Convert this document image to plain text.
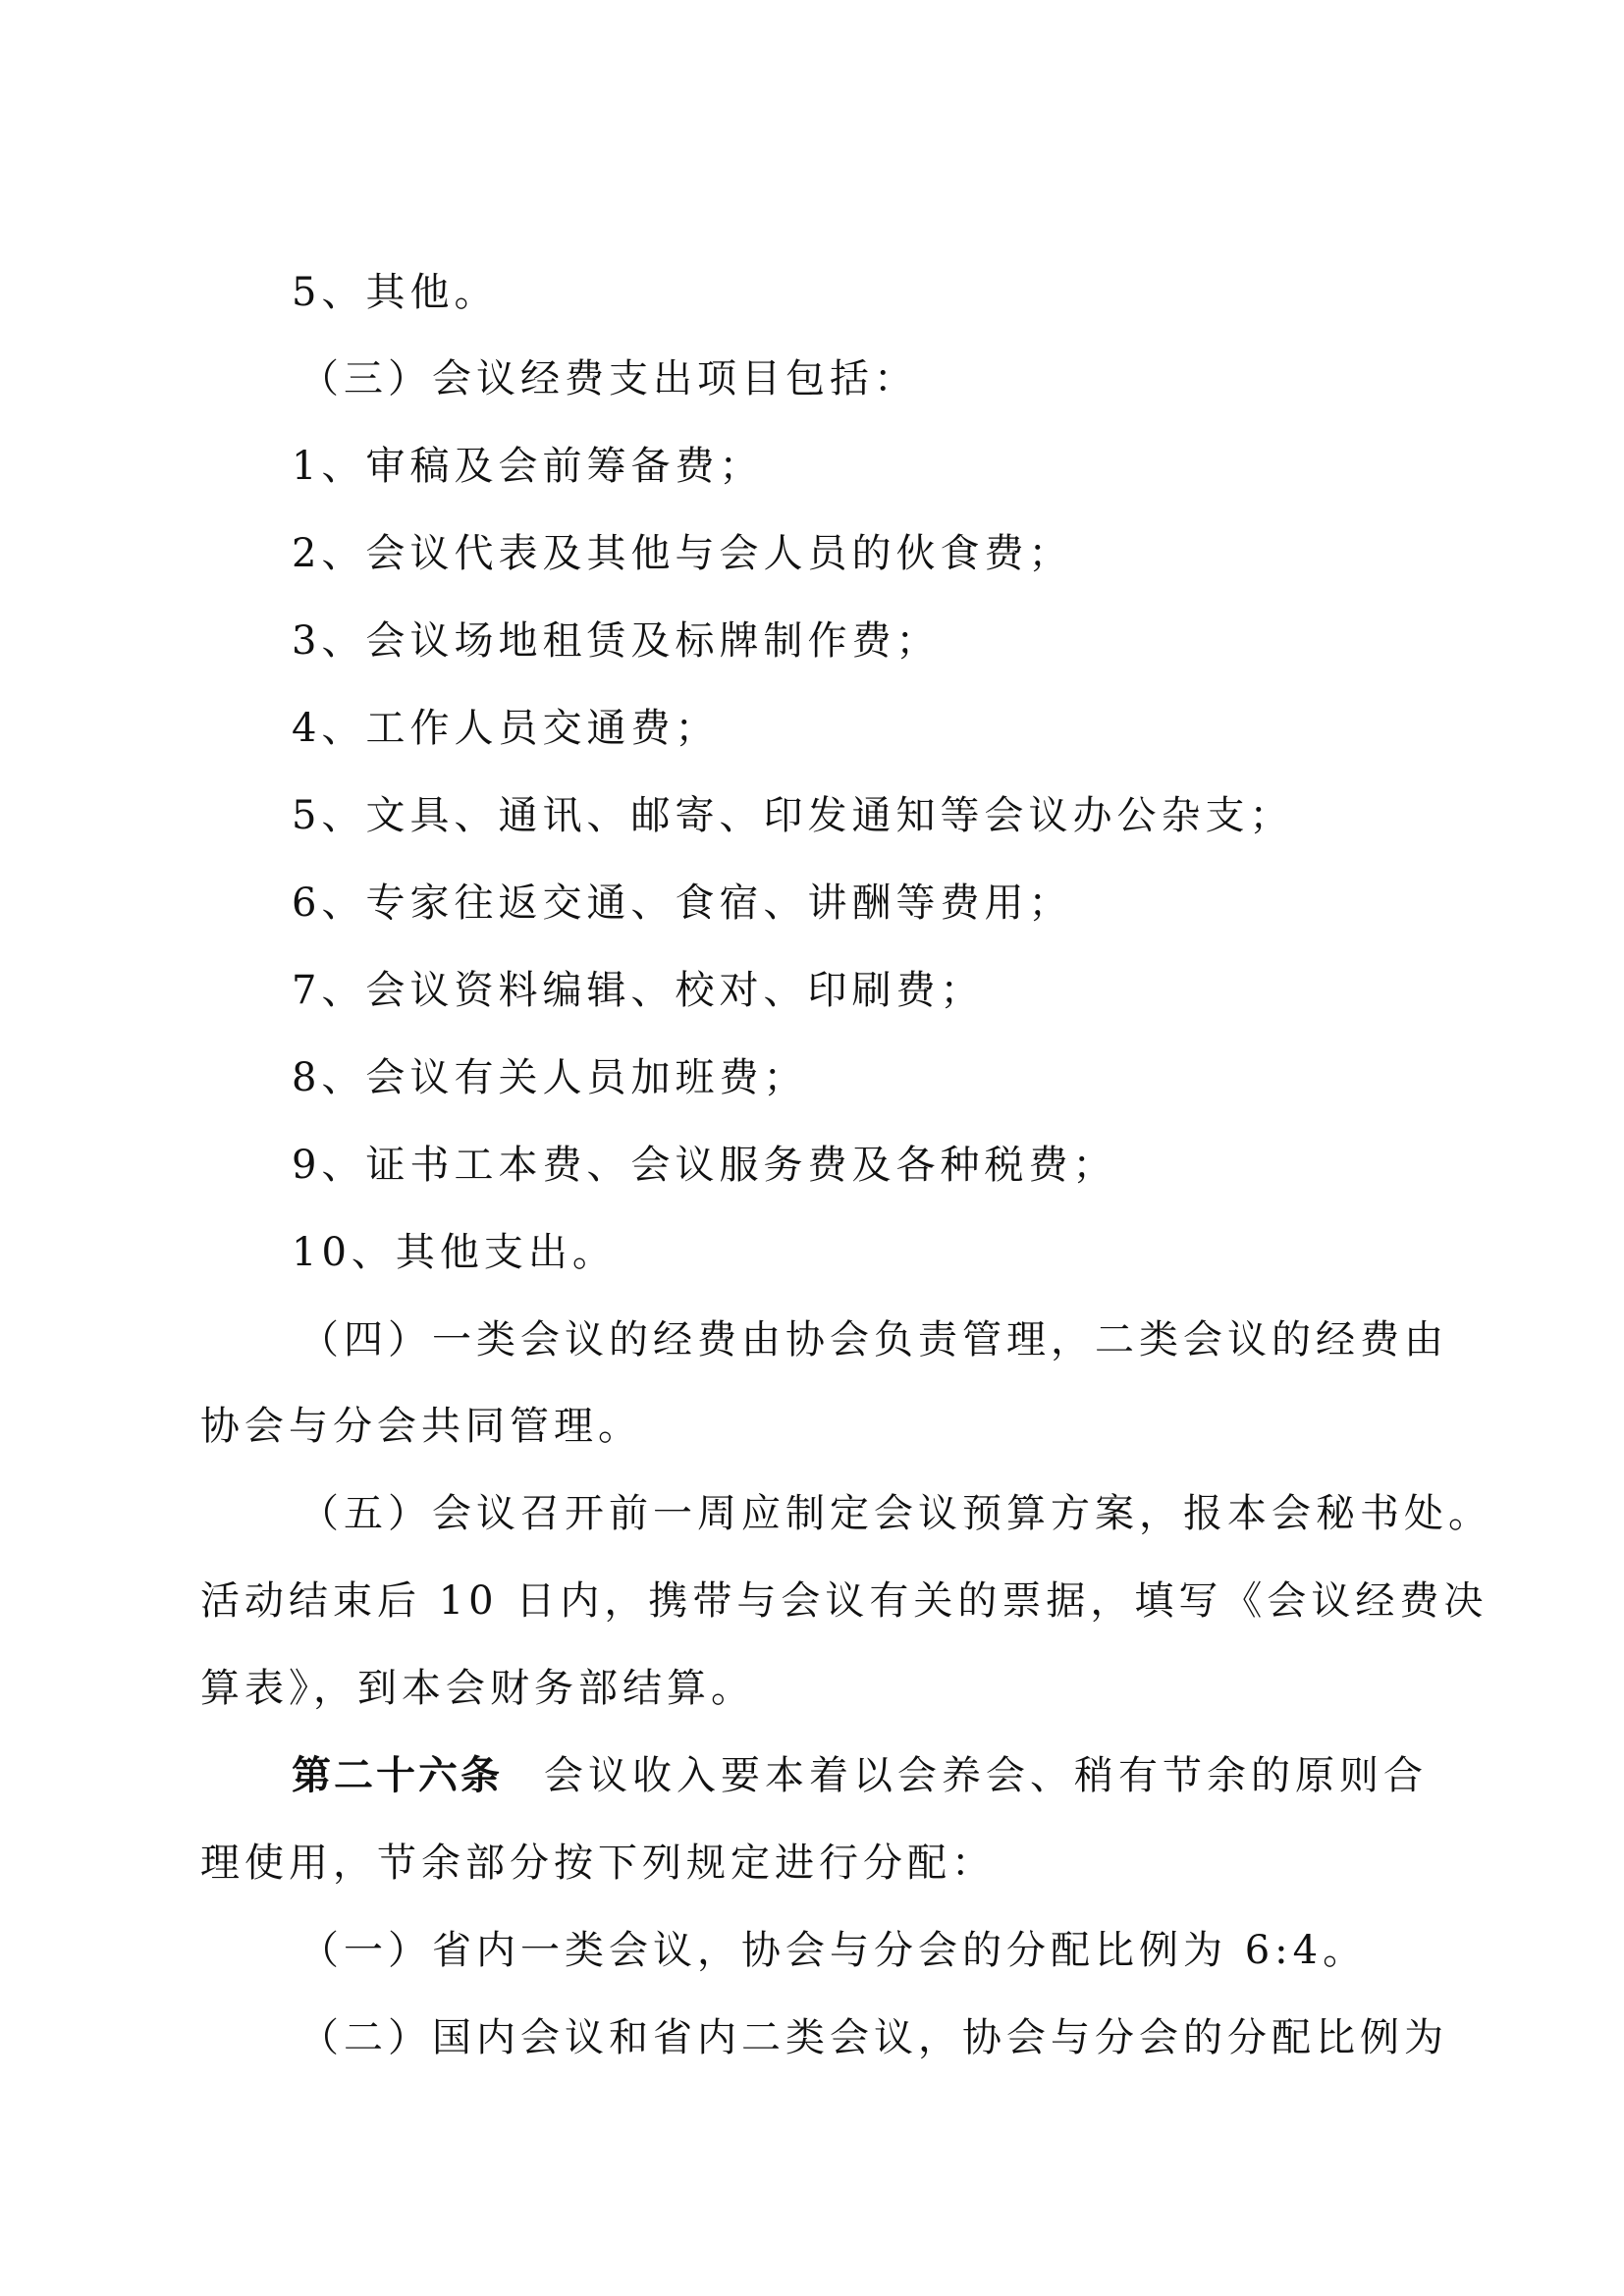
5、其他。
（三）会议经费支出项目包括：
1、审稿及会前筹备费；
2、会议代表及其他与会人员的伙食费；
3、会议场地租赁及标牌制作费；
4、工作人员交通费；
5、文具、通讯、邮寄、印发通知等会议办公杂支；
6、专家往返交通、食宿、讲酬等费用；
7、会议资料编辑、校对、印刷费；
8、会议有关人员加班费；
9、证书工本费、会议服务费及各种税费；
10、其他支出。
（四）一类会议的经费由协会负责管理，二类会议的经费由
协会与分会共同管理。
（五）会议召开前一周应制定会议预算方案，报本会秘书处。
活动结束后 10 日内，携带与会议有关的票据，填写《会议经费决
算表》，到本会财务部结算。
第二十六条 会议收入要本着以会养会、稍有节余的原则合
理使用，节余部分按下列规定进行分配：
（一）省内一类会议，协会与分会的分配比例为 6:4。
（二）国内会议和省内二类会议，协会与分会的分配比例为
